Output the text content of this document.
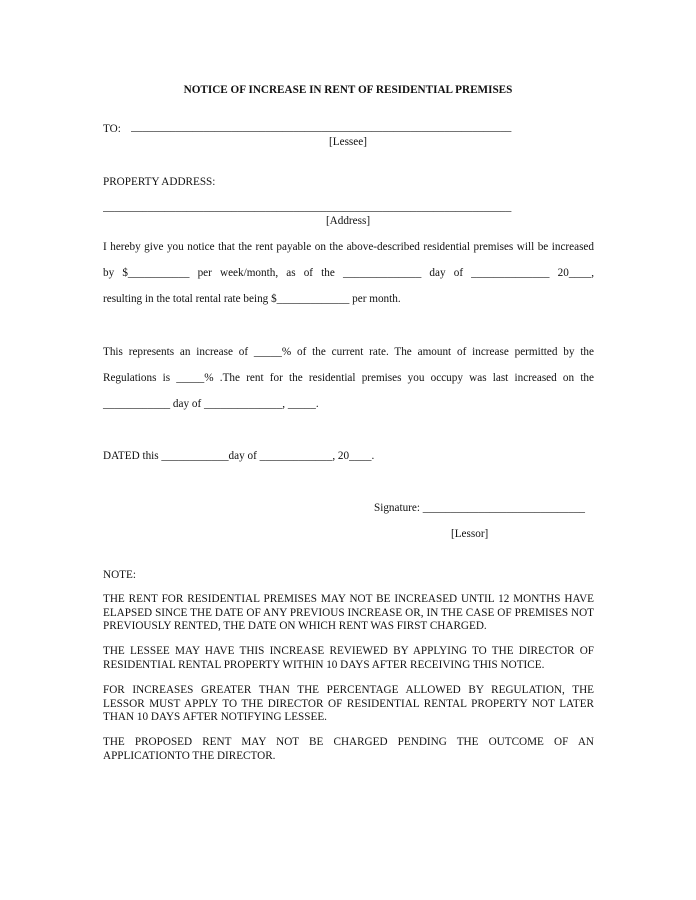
NOTICE OF INCREASE IN RENT OF RESIDENTIAL PREMISES
TO: ____________________________________________________________________
[Lessee]
PROPERTY ADDRESS:
_________________________________________________________________________
[Address]
I hereby give you notice that the rent payable on the above-described residential premises will be increased
by $___________ per week/month, as of the ______________ day of ______________ 20____,
resulting in the total rental rate being $_____________ per month.
This represents an increase of _____% of the current rate. The amount of increase permitted by the
Regulations is _____% .The rent for the residential premises you occupy was last increased on the
____________ day of ______________, _____.
DATED this ____________day of _____________, 20____.
Signature: _____________________________
[Lessor]
NOTE:
THE RENT FOR RESIDENTIAL PREMISES MAY NOT BE INCREASED UNTIL 12 MONTHS HAVE ELAPSED SINCE THE DATE OF ANY PREVIOUS INCREASE OR, IN THE CASE OF PREMISES NOT PREVIOUSLY RENTED, THE DATE ON WHICH RENT WAS FIRST CHARGED.
THE LESSEE MAY HAVE THIS INCREASE REVIEWED BY APPLYING TO THE DIRECTOR OF RESIDENTIAL RENTAL PROPERTY WITHIN 10 DAYS AFTER RECEIVING THIS NOTICE.
FOR INCREASES GREATER THAN THE PERCENTAGE ALLOWED BY REGULATION, THE LESSOR MUST APPLY TO THE DIRECTOR OF RESIDENTIAL RENTAL PROPERTY NOT LATER THAN 10 DAYS AFTER NOTIFYING LESSEE.
THE PROPOSED RENT MAY NOT BE CHARGED PENDING THE OUTCOME OF AN APPLICATIONTO THE DIRECTOR.
